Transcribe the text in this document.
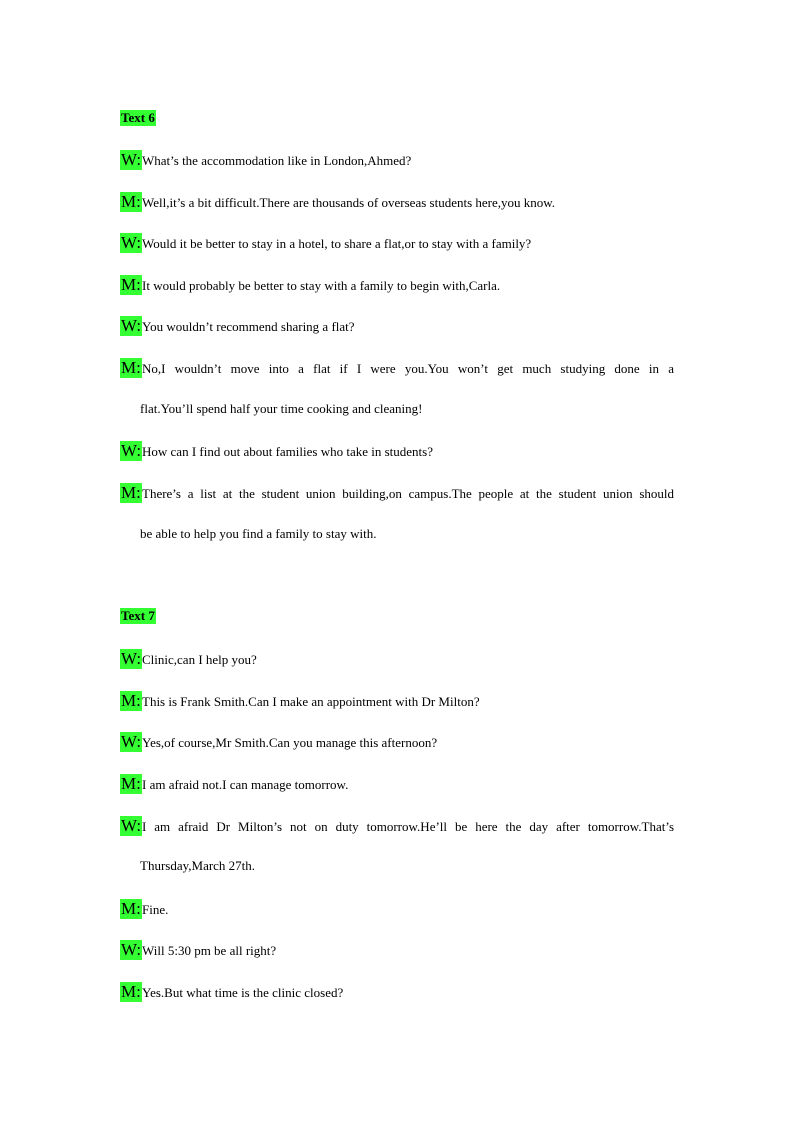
Text 6
W: What’s the accommodation like in London,Ahmed?
M: Well,it’s a bit difficult.There are thousands of overseas students here,you know.
W: Would it be better to stay in a hotel, to share a flat,or to stay with a family?
M: It would probably be better to stay with a family to begin with,Carla.
W: You wouldn’t recommend sharing a flat?
M: No,I wouldn’t move into a flat if I were you.You won’t get much studying done in a
flat.You’ll spend half your time cooking and cleaning!
W: How can I find out about families who take in students?
M: There’s a list at the student union building,on campus.The people at the student union should
be able to help you find a family to stay with.
Text 7
W: Clinic,can I help you?
M: This is Frank Smith.Can I make an appointment with Dr Milton?
W: Yes,of course,Mr Smith.Can you manage this afternoon?
M: I am afraid not.I can manage tomorrow.
W: I am afraid Dr Milton’s not on duty tomorrow.He’ll be here the day after tomorrow.That’s
Thursday,March 27th.
M: Fine.
W: Will 5:30 pm be all right?
M: Yes.But what time is the clinic closed?
